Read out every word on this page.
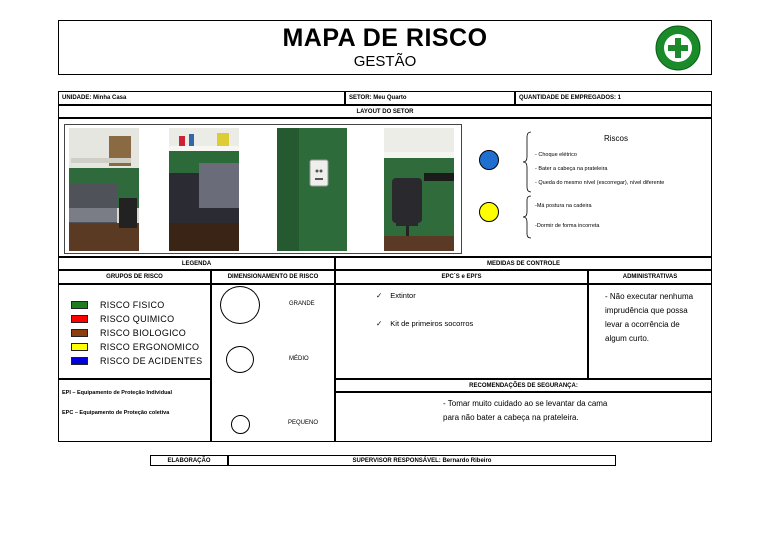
MAPA DE RISCO
GESTÃO
UNIDADE: Minha Casa	SETOR: Meu Quarto	QUANTIDADE DE EMPREGADOS: 1
LAYOUT DO SETOR
Riscos
- Choque elétrico
- Bater a cabeça na prateleira
- Queda do mesmo nível (escorregar), nível diferente
-Má postura na cadeira
-Dormir de forma incorreta
LEGENDA	MEDIDAS DE CONTROLE
GRUPOS DE RISCO	DIMENSIONAMENTO DE RISCO	EPC´S e EPI'S	ADMINISTRATIVAS
RISCO FISICO
RISCO QUIMICO
RISCO BIOLOGICO
RISCO ERGONOMICO
RISCO DE ACIDENTES
EPI – Equipamento de Proteção Individual
EPC – Equipamento de Proteção coletiva
GRANDE
MÉDIO
PEQUENO
✓ Extintor
✓ Kit de primeiros socorros
- Não executar nenhuma imprudência que possa levar a ocorrência de algum curto.
RECOMENDAÇÕES DE SEGURANÇA:
- Tomar muito cuidado ao se levantar da cama para não bater a cabeça na prateleira.
ELABORAÇÃO	SUPERVISOR RESPONSÁVEL: Bernardo Ribeiro
